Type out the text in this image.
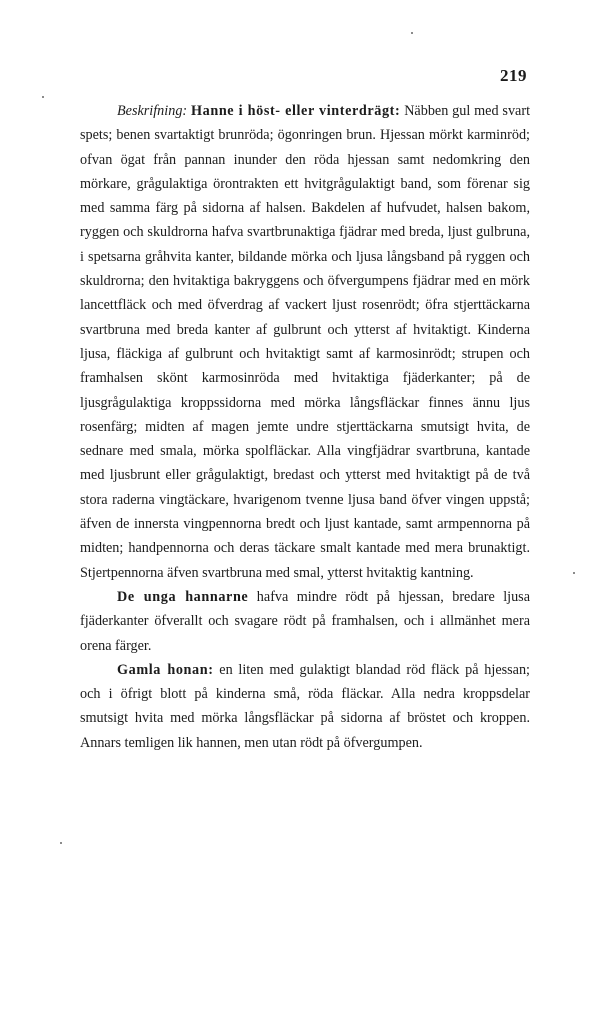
219

Beskrifning: Hanne i höst- eller vinterdrägt: Näbben gul med svart spets; benen svartaktigt brunröda; ögonringen brun. Hjessan mörkt karminröd; ofvan ögat från pannan inunder den röda hjessan samt nedomkring den mörkare, grågulaktiga örontrakten ett hvitgrågulaktigt band, som förenar sig med samma färg på sidorna af halsen. Bakdelen af hufvudet, halsen bakom, ryggen och skuldrorna hafva svartbrunaktiga fjädrar med breda, ljust gulbruna, i spetsarna gråhvita kanter, bildande mörka och ljusa långsband på ryggen och skuldrorna; den hvitaktiga bakryggens och öfvergumpens fjädrar med en mörk lancettfläck och med öfverdrag af vackert ljust rosenrödt; öfra stjerttäckarna svartbruna med breda kanter af gulbrunt och ytterst af hvitaktigt. Kinderna ljusa, fläckiga af gulbrunt och hvitaktigt samt af karmosinrödt; strupen och framhalsen skönt karmosinröda med hvitaktiga fjäderkanter; på de ljusgrågulaktiga kroppssidorna med mörka långsfläckar finnes ännu ljus rosenfärg; midten af magen jemte undre stjerttäckarna smutsigt hvita, de sednare med smala, mörka spolfläckar. Alla vingfjädrar svartbruna, kantade med ljusbrunt eller grågulaktigt, bredast och ytterst med hvitaktigt på de två stora raderna vingtäckare, hvarigenom tvenne ljusa band öfver vingen uppstå; äfven de innersta vingpennorna bredt och ljust kantade, samt armpennorna på midten; handpennorna och deras täckare smalt kantade med mera brunaktigt. Stjertpennorna äfven svartbruna med smal, ytterst hvitaktig kantning.

De unga hannarne hafva mindre rödt på hjessan, bredare ljusa fjäderkanter öfverallt och svagare rödt på framhalsen, och i allmänhet mera orena färger.

Gamla honan: en liten med gulaktigt blandad röd fläck på hjessan; och i öfrigt blott på kinderna små, röda fläckar. Alla nedra kroppsdelar smutsigt hvita med mörka långsfläckar på sidorna af bröstet och kroppen. Annars temligen lik hannen, men utan rödt på öfvergumpen.
